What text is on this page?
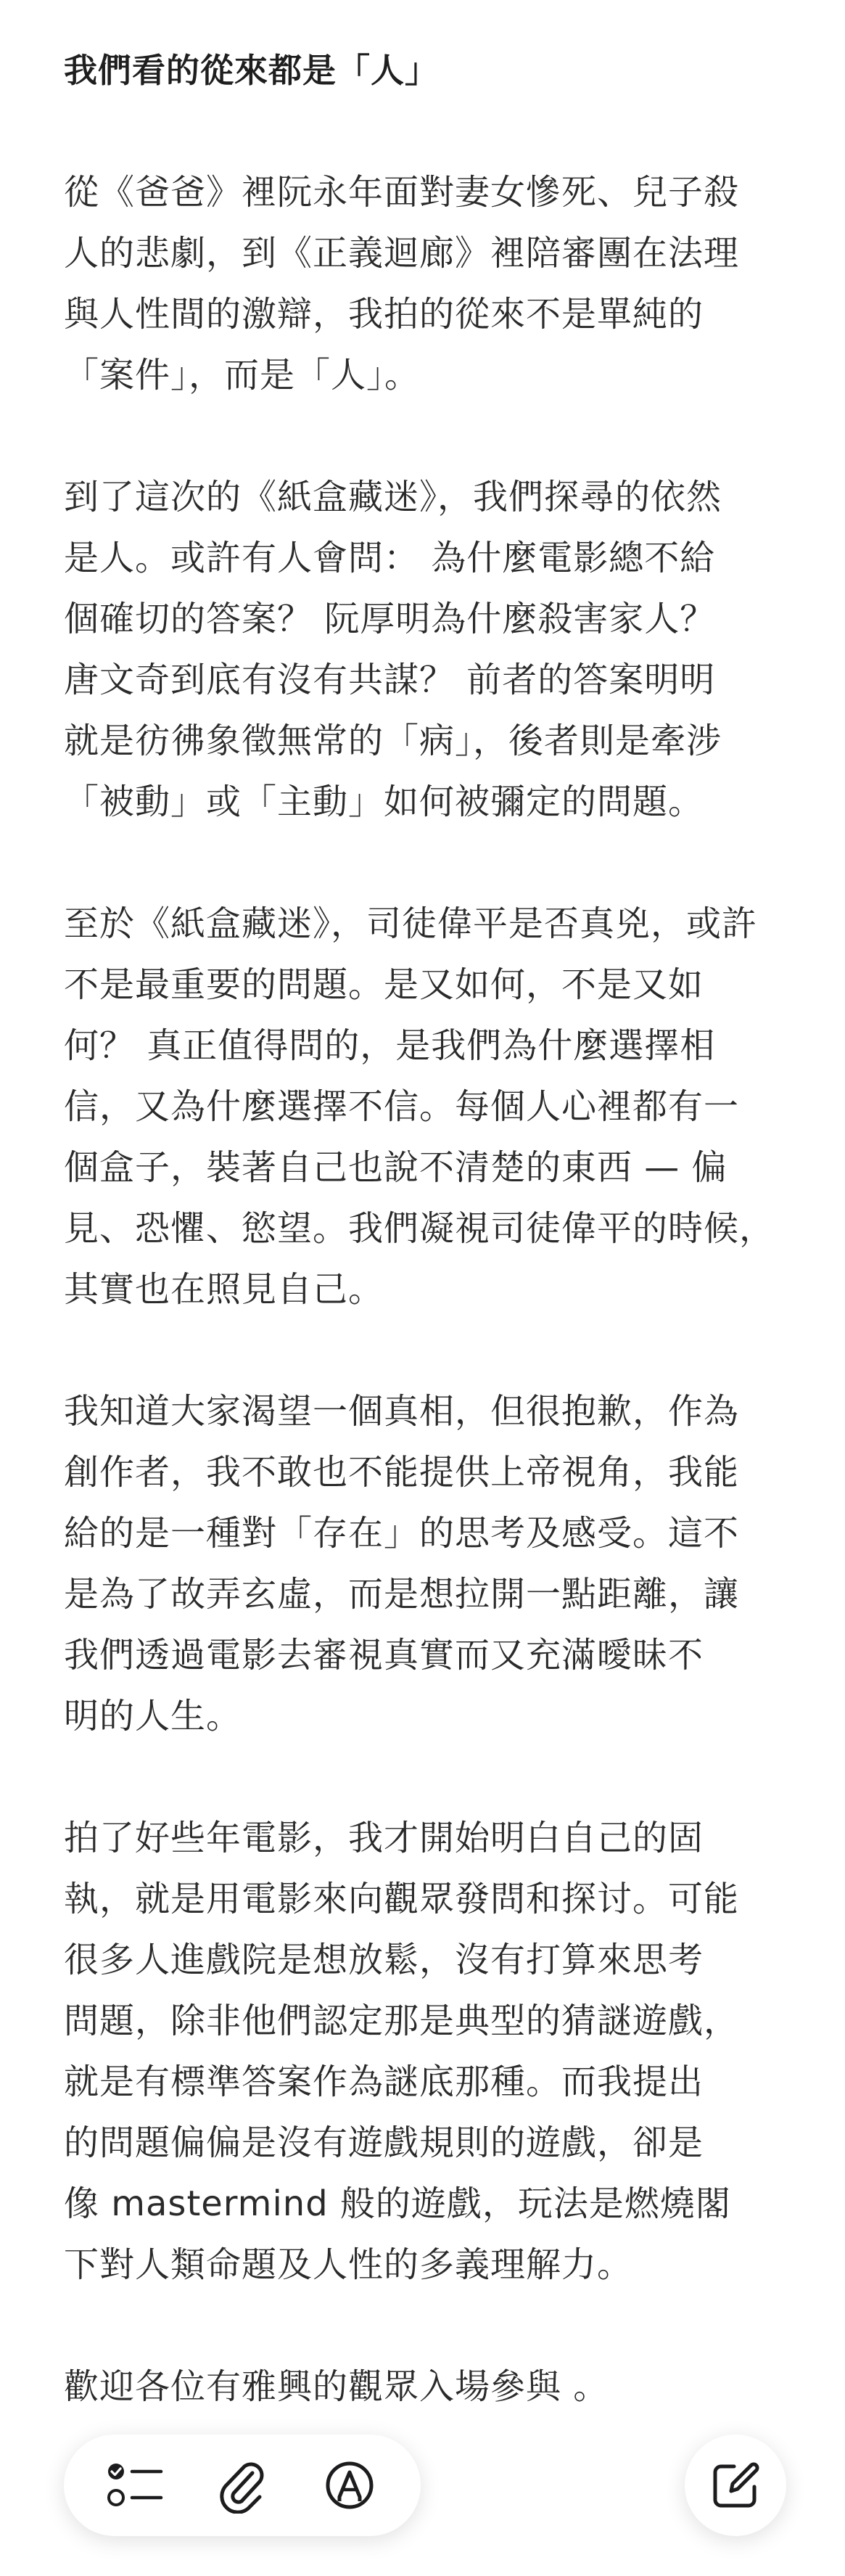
我們看的從來都是「人」
從《爸爸》裡阮永年面對妻女慘死、兒子殺
人的悲劇，到《正義迴廊》裡陪審團在法理
與人性間的激辯，我拍的從來不是單純的
「案件」，而是「人」。
到了這次的《紙盒藏迷》，我們探尋的依然
是人。或許有人會問： 為什麼電影總不給
個確切的答案？ 阮厚明為什麼殺害家人？
唐文奇到底有沒有共謀？ 前者的答案明明
就是彷彿象徵無常的「病」，後者則是牽涉
「被動」或「主動」如何被彌定的問題。
至於《紙盒藏迷》，司徒偉平是否真兇，或許
不是最重要的問題。是又如何，不是又如
何？ 真正值得問的，是我們為什麼選擇相
信，又為什麼選擇不信。每個人心裡都有一
個盒子，裝著自己也說不清楚的東西 — 偏
見、恐懼、慾望。我們凝視司徒偉平的時候，
其實也在照見自己。
我知道大家渴望一個真相，但很抱歉，作為
創作者，我不敢也不能提供上帝視角，我能
給的是一種對「存在」的思考及感受。這不
是為了故弄玄虛，而是想拉開一點距離，讓
我們透過電影去審視真實而又充滿曖昧不
明的人生。
拍了好些年電影，我才開始明白自己的固
執，就是用電影來向觀眾發問和探讨。可能
很多人進戲院是想放鬆，沒有打算來思考
問題，除非他們認定那是典型的猜謎遊戲，
就是有標準答案作為謎底那種。而我提出
的問題偏偏是沒有遊戲規則的遊戲，卻是
像 mastermind 般的遊戲，玩法是燃燒閣
下對人類命題及人性的多義理解力。
歡迎各位有雅興的觀眾入場參與 。
